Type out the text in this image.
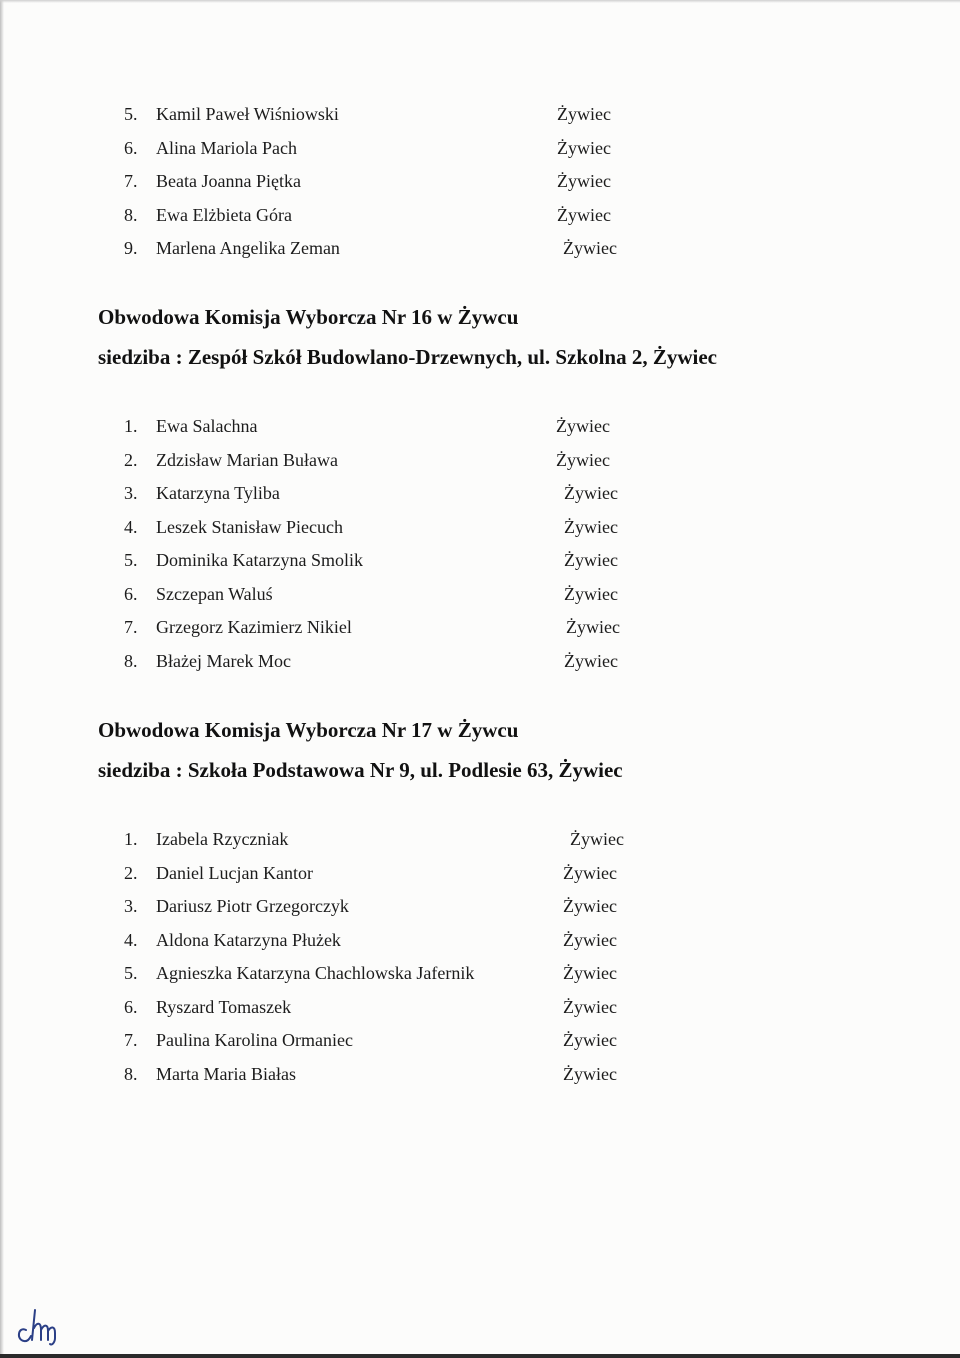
5.	Kamil Paweł Wiśniowski	Żywiec
6.	Alina Mariola Pach	Żywiec
7.	Beata Joanna Piętka	Żywiec
8.	Ewa Elżbieta Góra	Żywiec
9.	Marlena Angelika Zeman	Żywiec
Obwodowa Komisja Wyborcza Nr 16 w Żywcu
siedziba : Zespół Szkół Budowlano-Drzewnych, ul. Szkolna 2, Żywiec
1.	Ewa Salachna	Żywiec
2.	Zdzisław Marian Buława	Żywiec
3.	Katarzyna Tyliba	Żywiec
4.	Leszek Stanisław Piecuch	Żywiec
5.	Dominika Katarzyna Smolik	Żywiec
6.	Szczepan Waluś	Żywiec
7.	Grzegorz Kazimierz Nikiel	Żywiec
8.	Błażej Marek Moc	Żywiec
Obwodowa Komisja Wyborcza Nr 17 w Żywcu
siedziba : Szkoła Podstawowa Nr 9, ul. Podlesie 63, Żywiec
1.	Izabela Rzyczniak	Żywiec
2.	Daniel Lucjan Kantor	Żywiec
3.	Dariusz Piotr Grzegorczyk	Żywiec
4.	Aldona Katarzyna Płużek	Żywiec
5.	Agnieszka Katarzyna Chachlowska Jafernik	Żywiec
6.	Ryszard Tomaszek	Żywiec
7.	Paulina Karolina Ormaniec	Żywiec
8.	Marta Maria Białas	Żywiec
